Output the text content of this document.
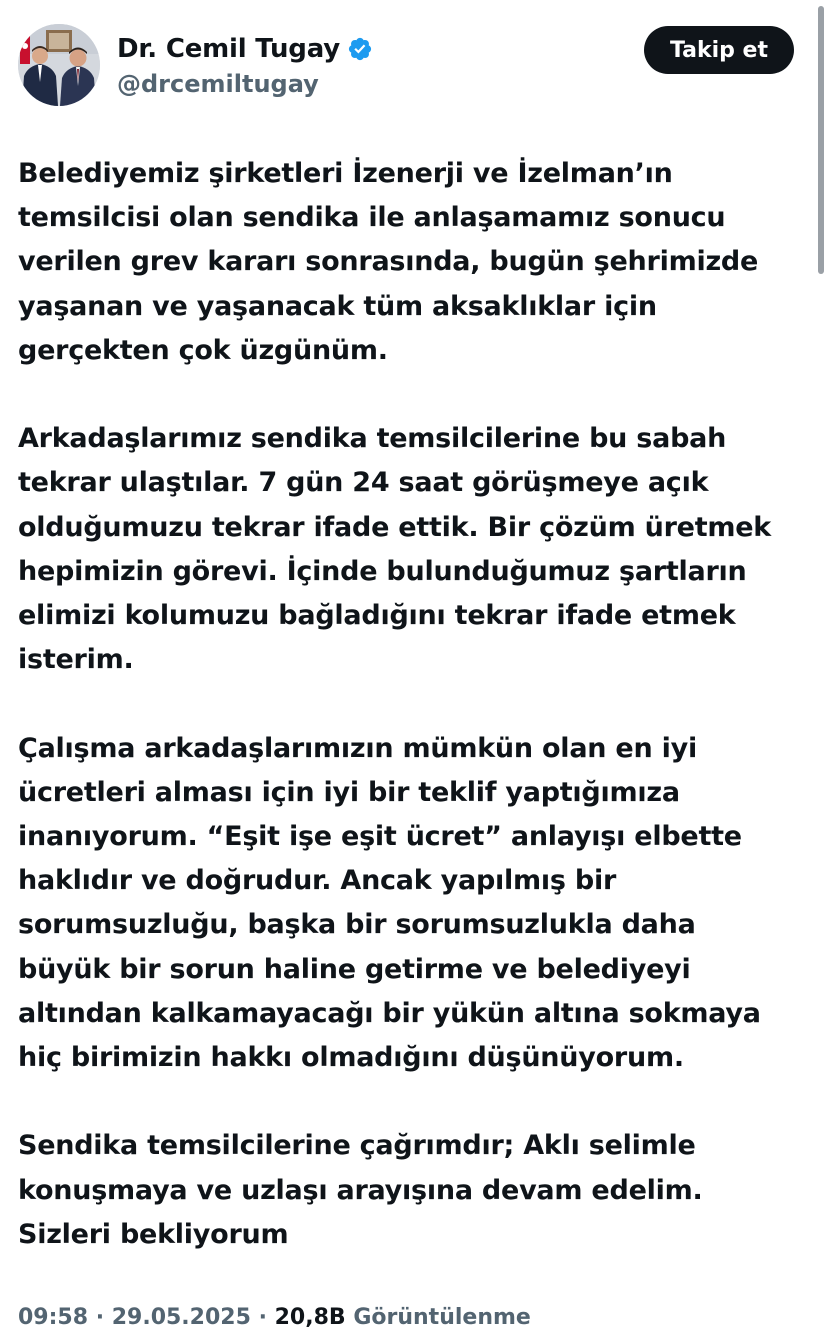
Dr. Cemil Tugay
@drcemiltugay
Takip et

Belediyemiz şirketleri İzenerji ve İzelman’ın
temsilcisi olan sendika ile anlaşamamız sonucu
verilen grev kararı sonrasında, bugün şehrimizde
yaşanan ve yaşanacak tüm aksaklıklar için
gerçekten çok üzgünüm.

Arkadaşlarımız sendika temsilcilerine bu sabah
tekrar ulaştılar. 7 gün 24 saat görüşmeye açık
olduğumuzu tekrar ifade ettik. Bir çözüm üretmek
hepimizin görevi. İçinde bulunduğumuz şartların
elimizi kolumuzu bağladığını tekrar ifade etmek
isterim.

Çalışma arkadaşlarımızın mümkün olan en iyi
ücretleri alması için iyi bir teklif yaptığımıza
inanıyorum. “Eşit işe eşit ücret” anlayışı elbette
haklıdır ve doğrudur. Ancak yapılmış bir
sorumsuzluğu, başka bir sorumsuzlukla daha
büyük bir sorun haline getirme ve belediyeyi
altından kalkamayacağı bir yükün altına sokmaya
hiç birimizin hakkı olmadığını düşünüyorum.

Sendika temsilcilerine çağrımdır; Aklı selimle
konuşmaya ve uzlaşı arayışına devam edelim.
Sizleri bekliyorum

09:58 · 29.05.2025 · 20,8B Görüntülenme
